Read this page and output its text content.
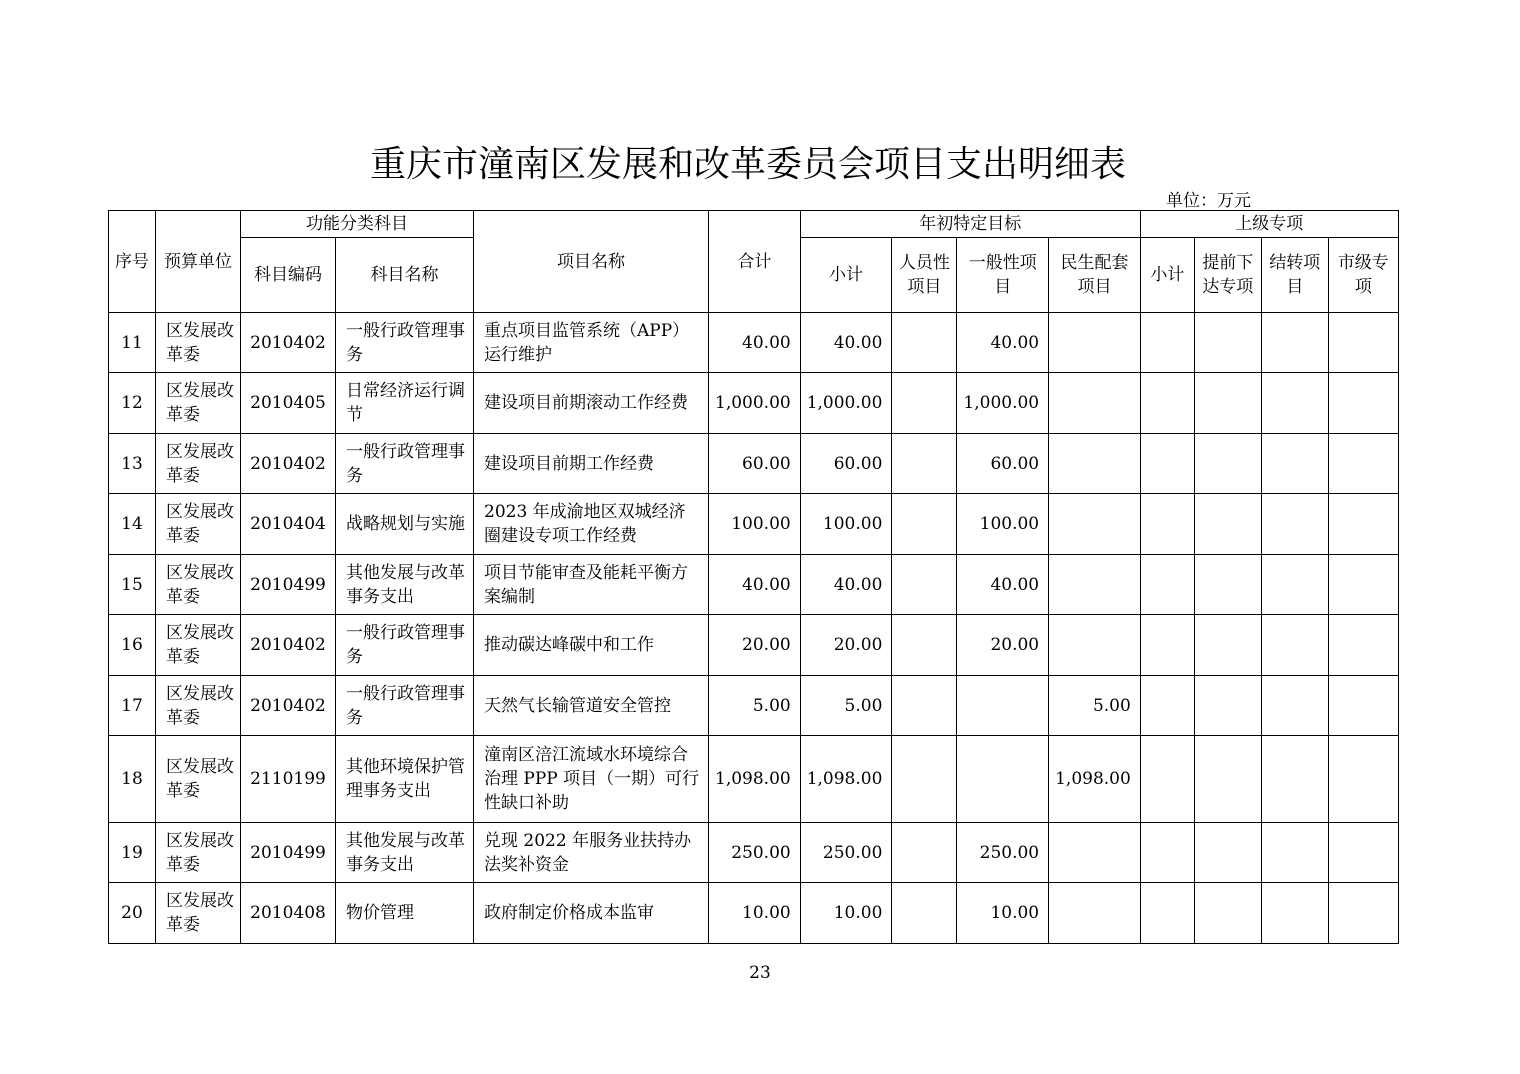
重庆市潼南区发展和改革委员会项目支出明细表
单位：万元
序号	预算单位	功能分类科目		项目名称	合计	年初特定目标				上级专项			
		科目编码	科目名称			小计	人员性项目	一般性项目	民生配套项目	小计	提前下达专项	结转项目	市级专项
11	区发展改革委	2010402	一般行政管理事务	重点项目监管系统（APP）运行维护	40.00	40.00		40.00					
12	区发展改革委	2010405	日常经济运行调节	建设项目前期滚动工作经费	1,000.00	1,000.00		1,000.00					
13	区发展改革委	2010402	一般行政管理事务	建设项目前期工作经费	60.00	60.00		60.00					
14	区发展改革委	2010404	战略规划与实施	2023 年成渝地区双城经济圈建设专项工作经费	100.00	100.00		100.00					
15	区发展改革委	2010499	其他发展与改革事务支出	项目节能审查及能耗平衡方案编制	40.00	40.00		40.00					
16	区发展改革委	2010402	一般行政管理事务	推动碳达峰碳中和工作	20.00	20.00		20.00					
17	区发展改革委	2010402	一般行政管理事务	天然气长输管道安全管控	5.00	5.00			5.00				
18	区发展改革委	2110199	其他环境保护管理事务支出	潼南区涪江流域水环境综合治理 PPP 项目（一期）可行性缺口补助	1,098.00	1,098.00			1,098.00				
19	区发展改革委	2010499	其他发展与改革事务支出	兑现 2022 年服务业扶持办法奖补资金	250.00	250.00		250.00					
20	区发展改革委	2010408	物价管理	政府制定价格成本监审	10.00	10.00		10.00					
23
